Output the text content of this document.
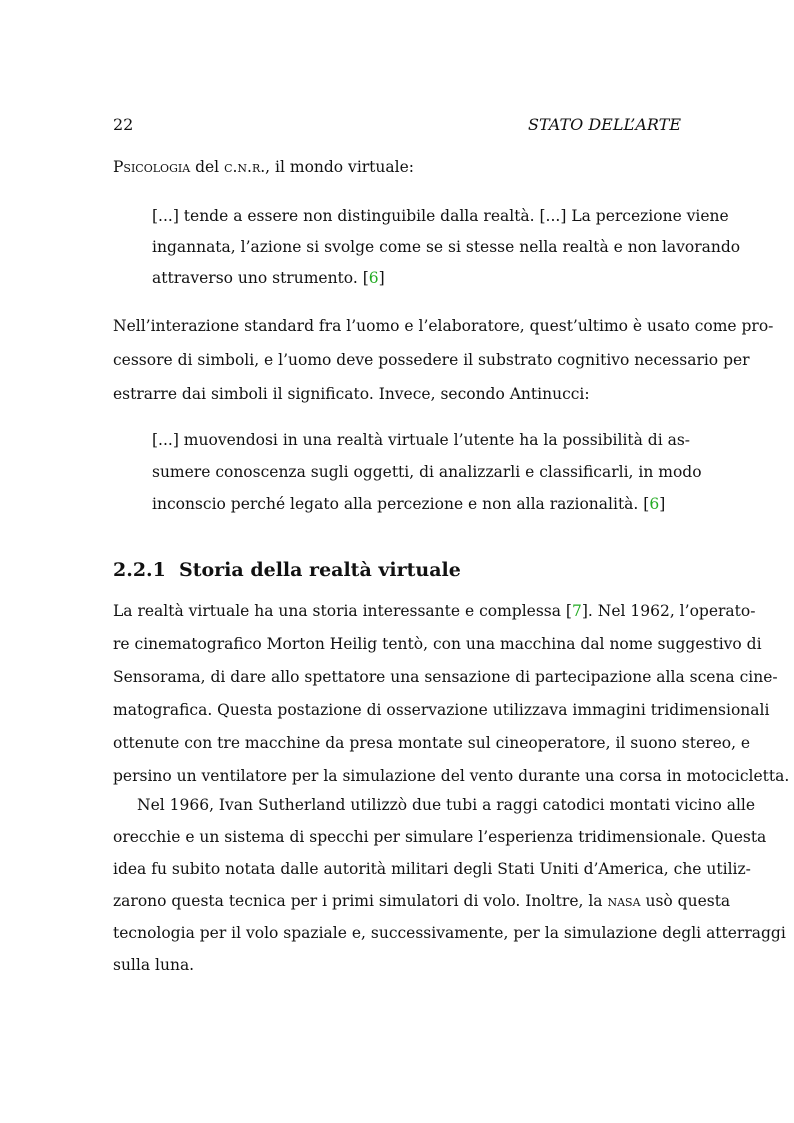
22	STATO DELL’ARTE
Psicologia del c.n.r., il mondo virtuale:
[...] tende a essere non distinguibile dalla realtà. [...] La percezione viene
ingannata, l’azione si svolge come se si stesse nella realtà e non lavorando
attraverso uno strumento. [6]
Nell’interazione standard fra l’uomo e l’elaboratore, quest’ultimo è usato come pro-
cessore di simboli, e l’uomo deve possedere il substrato cognitivo necessario per
estrarre dai simboli il significato. Invece, secondo Antinucci:
[...] muovendosi in una realtà virtuale l’utente ha la possibilità di as-
sumere conoscenza sugli oggetti, di analizzarli e classificarli, in modo
inconscio perché legato alla percezione e non alla razionalità. [6]
2.2.1 Storia della realtà virtuale
La realtà virtuale ha una storia interessante e complessa [7]. Nel 1962, l’operato-
re cinematografico Morton Heilig tentò, con una macchina dal nome suggestivo di
Sensorama, di dare allo spettatore una sensazione di partecipazione alla scena cine-
matografica. Questa postazione di osservazione utilizzava immagini tridimensionali
ottenute con tre macchine da presa montate sul cineoperatore, il suono stereo, e
persino un ventilatore per la simulazione del vento durante una corsa in motocicletta.
Nel 1966, Ivan Sutherland utilizzò due tubi a raggi catodici montati vicino alle
orecchie e un sistema di specchi per simulare l’esperienza tridimensionale. Questa
idea fu subito notata dalle autorità militari degli Stati Uniti d’America, che utiliz-
zarono questa tecnica per i primi simulatori di volo. Inoltre, la nasa usò questa
tecnologia per il volo spaziale e, successivamente, per la simulazione degli atterraggi
sulla luna.
